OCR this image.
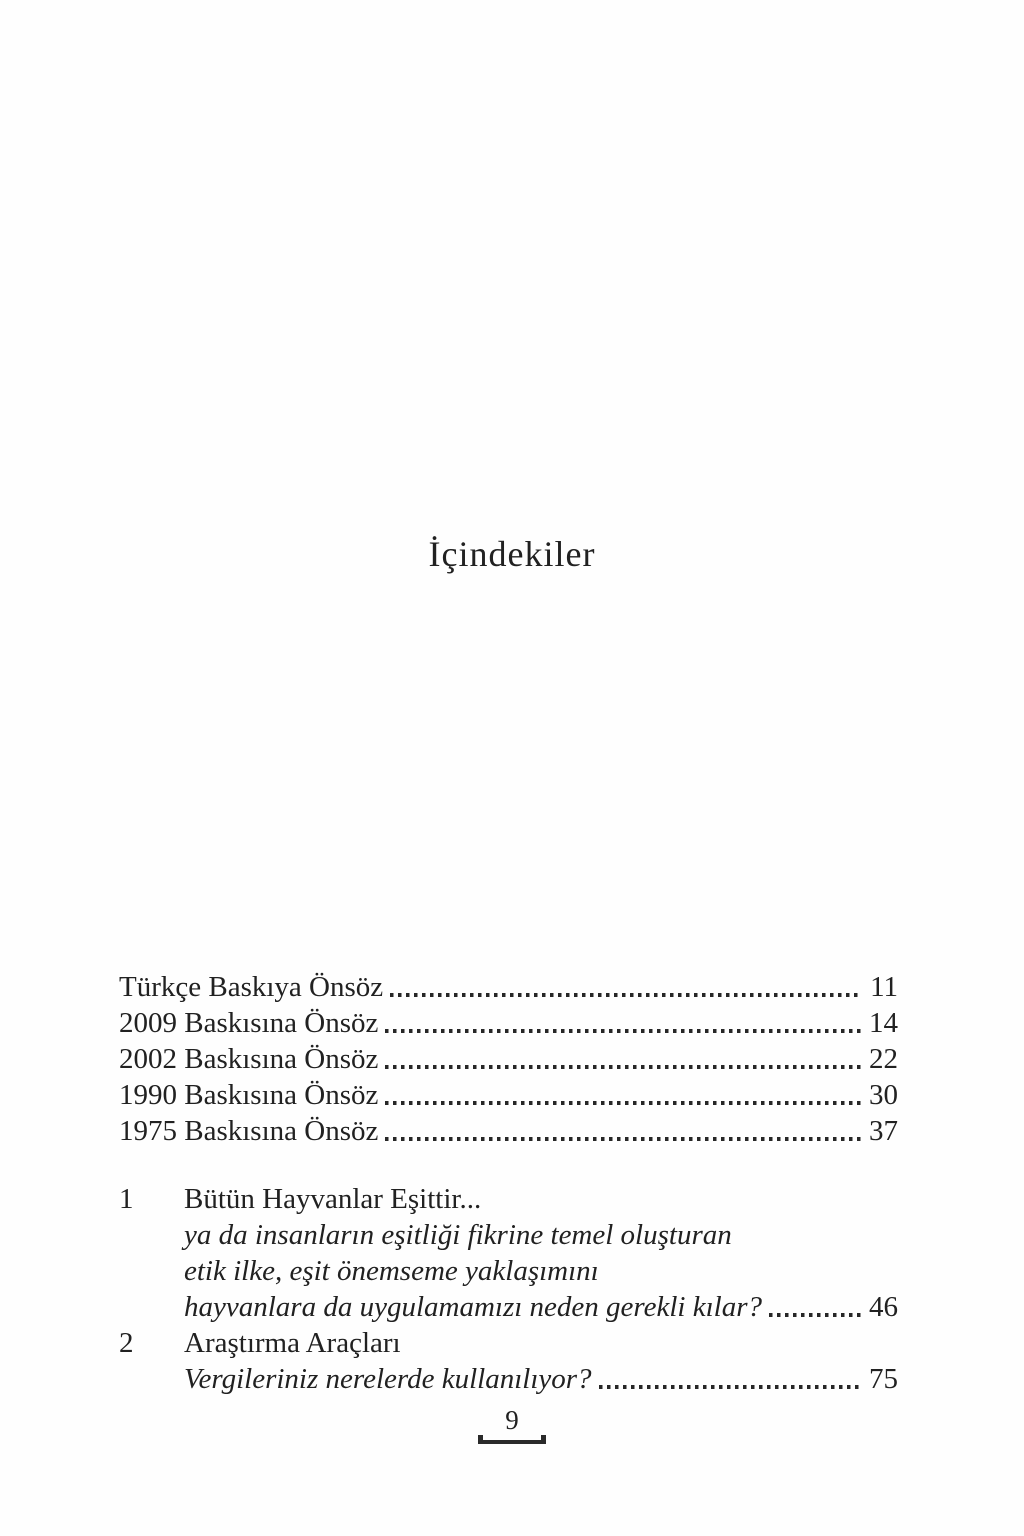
İçindekiler
Türkçe Baskıya Önsöz	11
2009 Baskısına Önsöz	14
2002 Baskısına Önsöz	22
1990 Baskısına Önsöz	30
1975 Baskısına Önsöz	37
1	Bütün Hayvanlar Eşittir...
ya da insanların eşitliği fikrine temel oluşturan
etik ilke, eşit önemseme yaklaşımını
hayvanlara da uygulamamızı neden gerekli kılar?	46
2	Araştırma Araçları
Vergileriniz nerelerde kullanılıyor?	75
9
